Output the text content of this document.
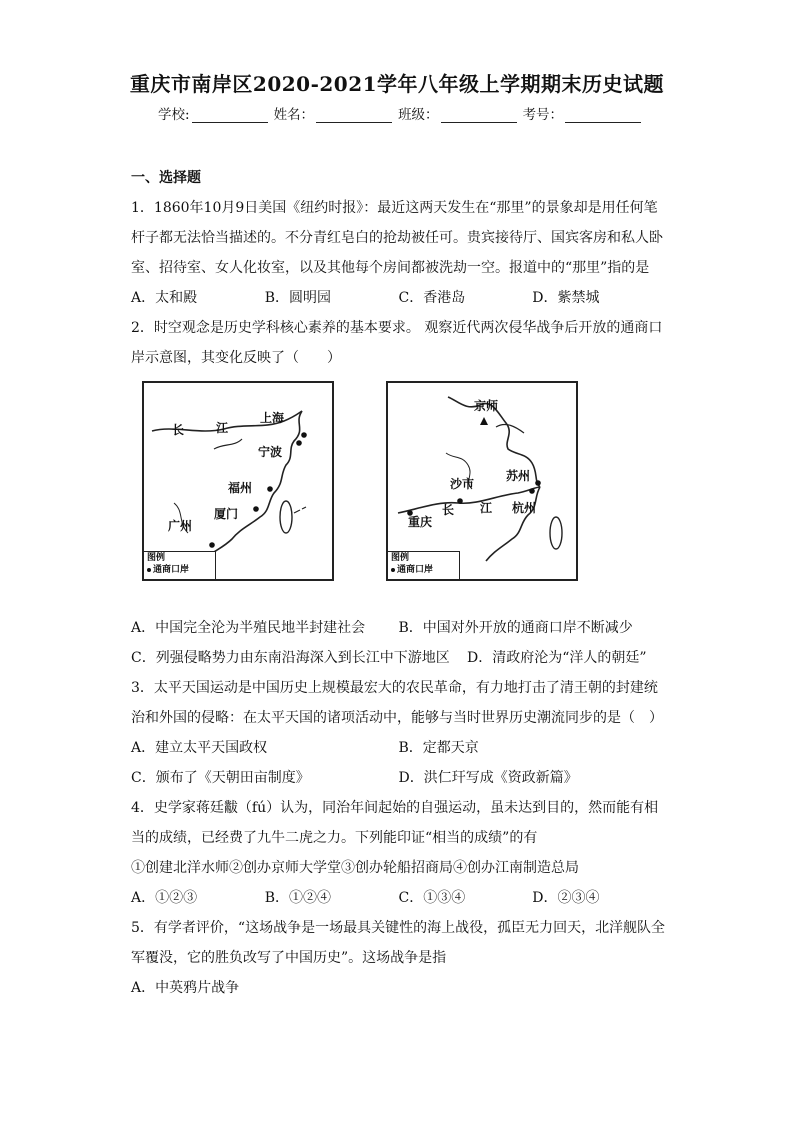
重庆市南岸区2020-2021学年八年级上学期期末历史试题
学校:	姓名：	班级：	考号：
一、选择题

1．1860年10月9日美国《纽约时报》：最近这两天发生在“那里”的景象却是用任何笔杆子都无法恰当描述的。不分青红皂白的抢劫被任可。贵宾接待厅、国宾客房和私人卧室、招待室、女人化妆室，以及其他每个房间都被洗劫一空。报道中的“那里”指的是

A．太和殿	B．圆明园	C．香港岛	D．紫禁城

2．时空观念是历史学科核心素养的基本要求。 观察近代两次侵华战争后开放的通商口岸示意图，其变化反映了（　　）

长	江
上海
宁波
福州
厦门
广州
图例
通商口岸
京师
沙市
苏州
长 江 杭州
重庆
图例
通商口岸
A．中国完全沦为半殖民地半封建社会	B．中国对外开放的通商口岸不断减少
C．列强侵略势力由东南沿海深入到长江中下游地区	D．清政府沦为“洋人的朝廷”

3．太平天国运动是中国历史上规模最宏大的农民革命，有力地打击了清王朝的封建统治和外国的侵略：在太平天国的诸项活动中，能够与当时世界历史潮流同步的是（　）

A．建立太平天国政权	B．定都天京
C．颁布了《天朝田亩制度》	D．洪仁玕写成《资政新篇》

4．史学家蒋廷黻（fú）认为，同治年间起始的自强运动，虽未达到目的，然而能有相当的成绩，已经费了九牛二虎之力。下列能印证“相当的成绩”的有

①创建北洋水师②创办京师大学堂③创办轮船招商局④创办江南制造总局

A．①②③	B．①②④	C．①③④	D．②③④

5．有学者评价，“这场战争是一场最具关键性的海上战役，孤臣无力回天，北洋舰队全军覆没，它的胜负改写了中国历史”。这场战争是指

A．中英鸦片战争
